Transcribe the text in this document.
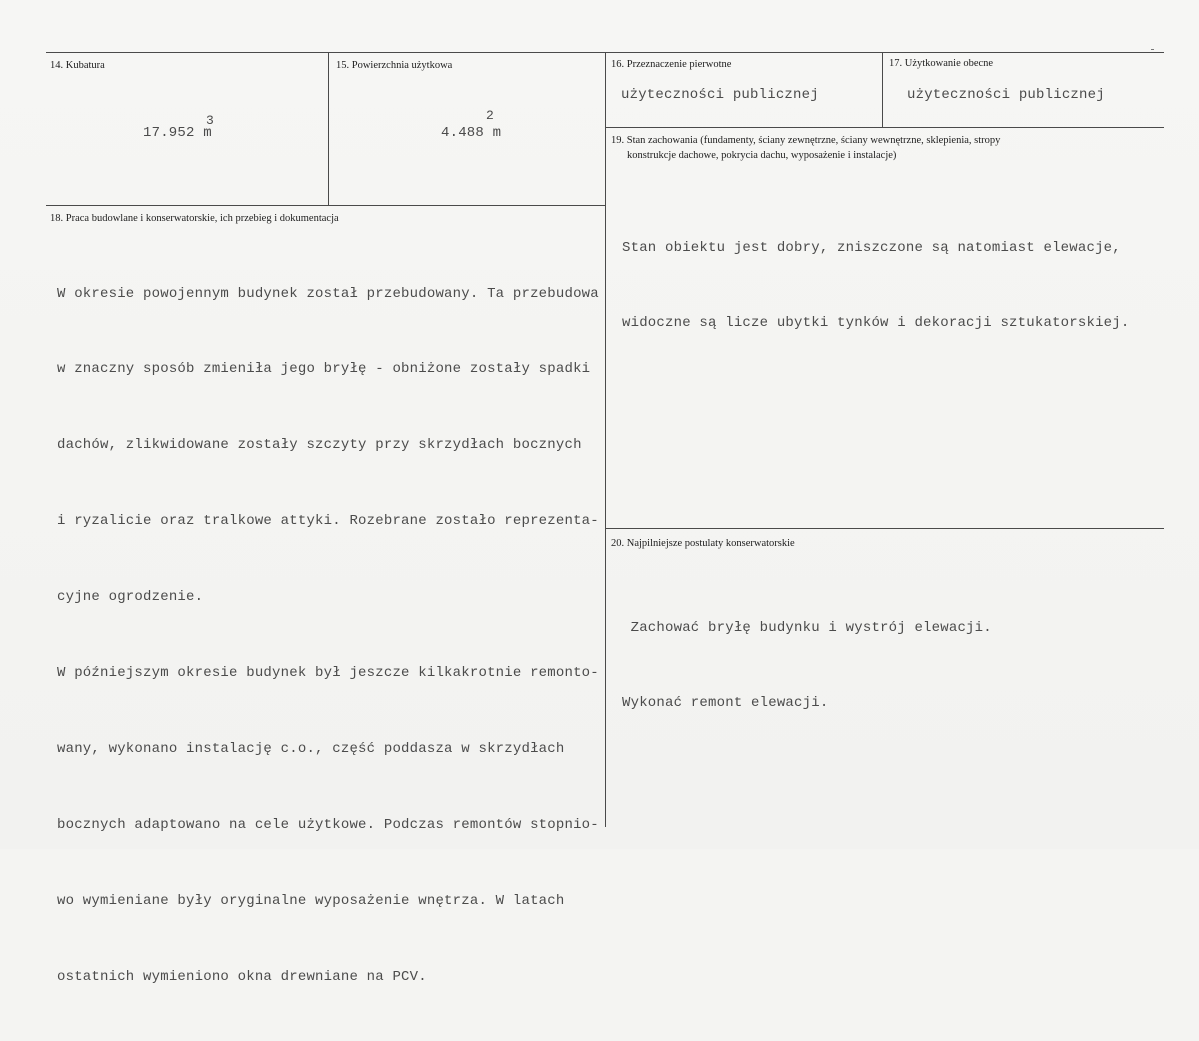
14. Kubatura
17.952 m
3
15. Powierzchnia użytkowa
4.488 m
2
16. Przeznaczenie pierwotne
użyteczności publicznej
17. Użytkowanie obecne
użyteczności publicznej
18. Praca budowlane i konserwatorskie, ich przebieg i dokumentacja

W okresie powojennym budynek został przebudowany. Ta przebudowa

w znaczny sposób zmieniła jego bryłę - obniżone zostały spadki

dachów, zlikwidowane zostały szczyty przy skrzydłach bocznych

i ryzalicie oraz tralkowe attyki. Rozebrane zostało reprezenta-

cyjne ogrodzenie.

W późniejszym okresie budynek był jeszcze kilkakrotnie remonto-

wany, wykonano instalację c.o., część poddasza w skrzydłach

bocznych adaptowano na cele użytkowe. Podczas remontów stopnio-

wo wymieniane były oryginalne wyposażenie wnętrza. W latach

ostatnich wymieniono okna drewniane na PCV.

19. Stan zachowania (fundamenty, ściany zewnętrzne, ściany wewnętrzne, sklepienia, stropy
konstrukcje dachowe, pokrycia dachu, wyposażenie i instalacje)

Stan obiektu jest dobry, zniszczone są natomiast elewacje,

widoczne są licze ubytki tynków i dekoracji sztukatorskiej.

20. Najpilniejsze postulaty konserwatorskie

Zachować bryłę budynku i wystrój elewacji.

Wykonać remont elewacji.
